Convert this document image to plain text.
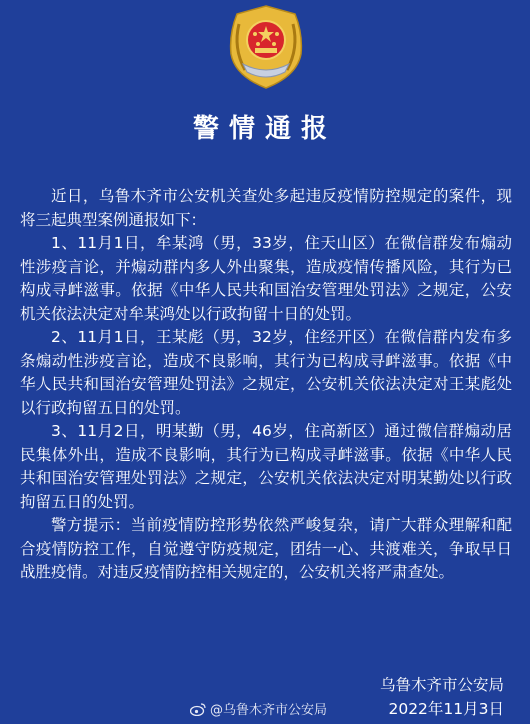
警情通报

近日，乌鲁木齐市公安机关查处多起违反疫情防控规定的案件，现将三起典型案例通报如下：

1、11月1日，牟某鸿（男，33岁，住天山区）在微信群发布煽动性涉疫言论，并煽动群内多人外出聚集，造成疫情传播风险，其行为已构成寻衅滋事。依据《中华人民共和国治安管理处罚法》之规定，公安机关依法决定对牟某鸿处以行政拘留十日的处罚。

2、11月1日，王某彪（男，32岁，住经开区）在微信群内发布多条煽动性涉疫言论，造成不良影响，其行为已构成寻衅滋事。依据《中华人民共和国治安管理处罚法》之规定，公安机关依法决定对王某彪处以行政拘留五日的处罚。

3、11月2日，明某勤（男，46岁，住高新区）通过微信群煽动居民集体外出，造成不良影响，其行为已构成寻衅滋事。依据《中华人民共和国治安管理处罚法》之规定，公安机关依法决定对明某勤处以行政拘留五日的处罚。

警方提示：当前疫情防控形势依然严峻复杂，请广大群众理解和配合疫情防控工作，自觉遵守防疫规定，团结一心、共渡难关，争取早日战胜疫情。对违反疫情防控相关规定的，公安机关将严肃查处。

乌鲁木齐市公安局
@乌鲁木齐市公安局	2022年11月3日
